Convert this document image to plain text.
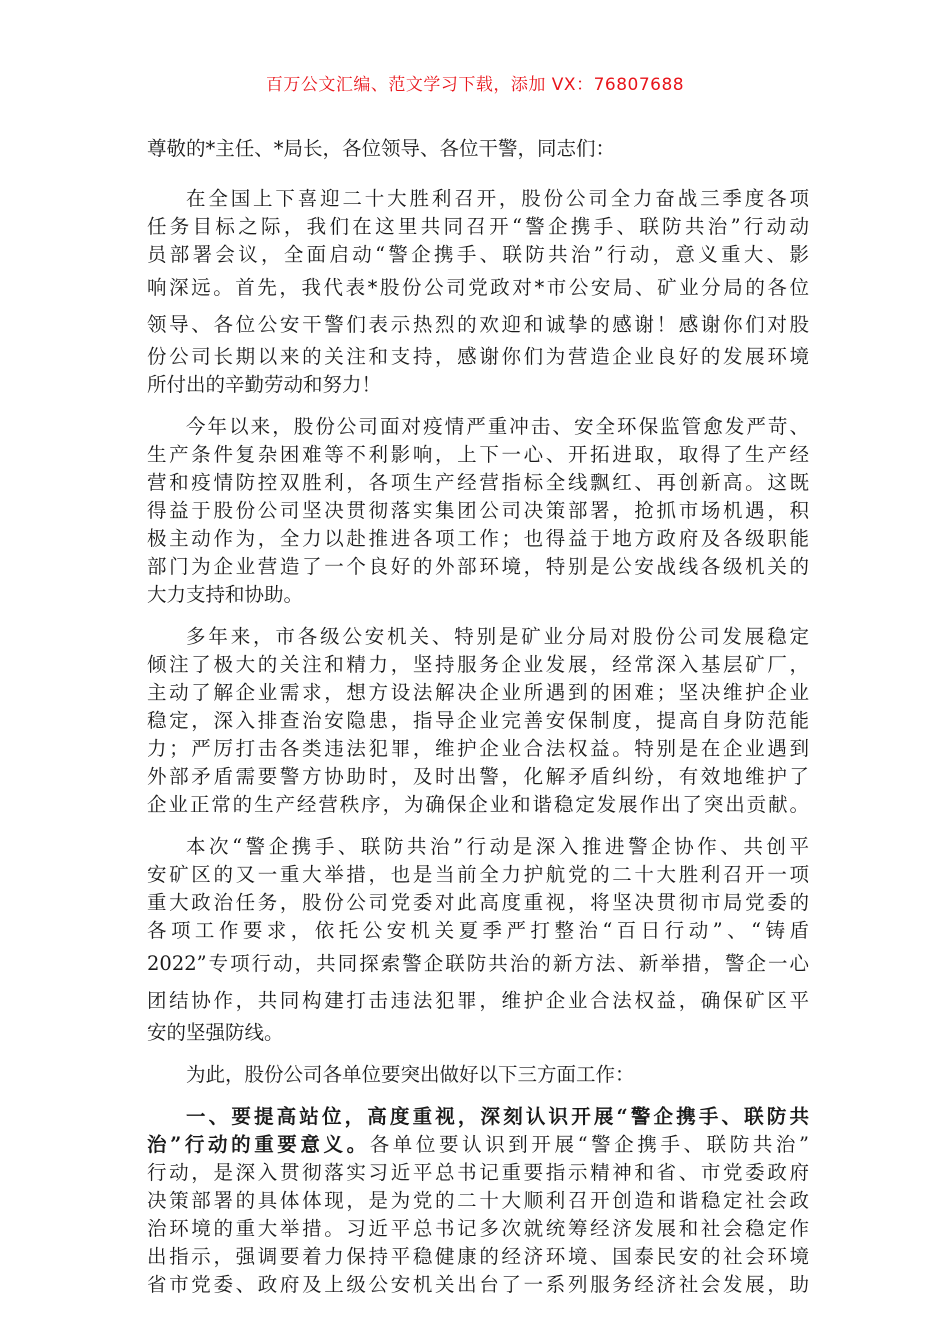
百万公文汇编、范文学习下载，添加 VX：76807688
尊敬的*主任、*局长，各位领导、各位干警，同志们：
在全国上下喜迎二十大胜利召开，股份公司全力奋战三季度各项
任务目标之际，我们在这里共同召开“警企携手、联防共治”行动动
员部署会议，全面启动“警企携手、联防共治”行动，意义重大、影
响深远。首先，我代表*股份公司党政对*市公安局、矿业分局的各位
领导、各位公安干警们表示热烈的欢迎和诚挚的感谢！感谢你们对股
份公司长期以来的关注和支持，感谢你们为营造企业良好的发展环境
所付出的辛勤劳动和努力！
今年以来，股份公司面对疫情严重冲击、安全环保监管愈发严苛、
生产条件复杂困难等不利影响，上下一心、开拓进取，取得了生产经
营和疫情防控双胜利，各项生产经营指标全线飘红、再创新高。这既
得益于股份公司坚决贯彻落实集团公司决策部署，抢抓市场机遇，积
极主动作为，全力以赴推进各项工作；也得益于地方政府及各级职能
部门为企业营造了一个良好的外部环境，特别是公安战线各级机关的
大力支持和协助。
多年来，市各级公安机关、特别是矿业分局对股份公司发展稳定
倾注了极大的关注和精力，坚持服务企业发展，经常深入基层矿厂，
主动了解企业需求，想方设法解决企业所遇到的困难；坚决维护企业
稳定，深入排查治安隐患，指导企业完善安保制度，提高自身防范能
力；严厉打击各类违法犯罪，维护企业合法权益。特别是在企业遇到
外部矛盾需要警方协助时，及时出警，化解矛盾纠纷，有效地维护了
企业正常的生产经营秩序，为确保企业和谐稳定发展作出了突出贡献。
本次“警企携手、联防共治”行动是深入推进警企协作、共创平
安矿区的又一重大举措，也是当前全力护航党的二十大胜利召开一项
重大政治任务，股份公司党委对此高度重视，将坚决贯彻市局党委的
各项工作要求，依托公安机关夏季严打整治“百日行动”、“铸盾
2022”专项行动，共同探索警企联防共治的新方法、新举措，警企一心
团结协作，共同构建打击违法犯罪，维护企业合法权益，确保矿区平
安的坚强防线。
为此，股份公司各单位要突出做好以下三方面工作：
一、要提高站位，高度重视，深刻认识开展“警企携手、联防共
治”行动的重要意义。各单位要认识到开展“警企携手、联防共治”
行动，是深入贯彻落实习近平总书记重要指示精神和省、市党委政府
决策部署的具体体现，是为党的二十大顺利召开创造和谐稳定社会政
治环境的重大举措。习近平总书记多次就统筹经济发展和社会稳定作
出指示，强调要着力保持平稳健康的经济环境、国泰民安的社会环境
省市党委、政府及上级公安机关出台了一系列服务经济社会发展，助
